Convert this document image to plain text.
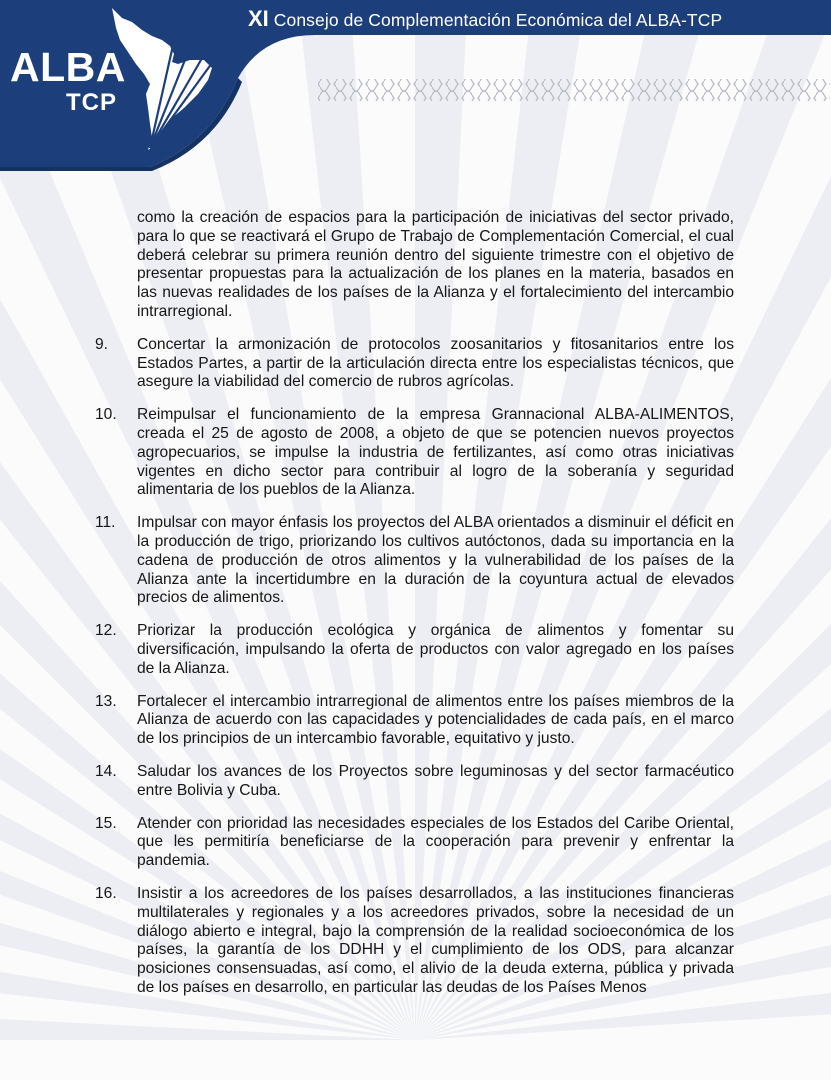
XI Consejo de Complementación Económica del ALBA-TCP
ALBA
TCP

como la creación de espacios para la participación de iniciativas del sector privado, para lo que se reactivará el Grupo de Trabajo de Complementación Comercial, el cual deberá celebrar su primera reunión dentro del siguiente trimestre con el objetivo de presentar propuestas para la actualización de los planes en la materia, basados en las nuevas realidades de los países de la Alianza y el fortalecimiento del intercambio intrarregional.

9. Concertar la armonización de protocolos zoosanitarios y fitosanitarios entre los Estados Partes, a partir de la articulación directa entre los especialistas técnicos, que asegure la viabilidad del comercio de rubros agrícolas.
10. Reimpulsar el funcionamiento de la empresa Grannacional ALBA-ALIMENTOS, creada el 25 de agosto de 2008, a objeto de que se potencien nuevos proyectos agropecuarios, se impulse la industria de fertilizantes, así como otras iniciativas vigentes en dicho sector para contribuir al logro de la soberanía y seguridad alimentaria de los pueblos de la Alianza.
11. Impulsar con mayor énfasis los proyectos del ALBA orientados a disminuir el déficit en la producción de trigo, priorizando los cultivos autóctonos, dada su importancia en la cadena de producción de otros alimentos y la vulnerabilidad de los países de la Alianza ante la incertidumbre en la duración de la coyuntura actual de elevados precios de alimentos.
12. Priorizar la producción ecológica y orgánica de alimentos y fomentar su diversificación, impulsando la oferta de productos con valor agregado en los países de la Alianza.
13. Fortalecer el intercambio intrarregional de alimentos entre los países miembros de la Alianza de acuerdo con las capacidades y potencialidades de cada país, en el marco de los principios de un intercambio favorable, equitativo y justo.
14. Saludar los avances de los Proyectos sobre leguminosas y del sector farmacéutico entre Bolivia y Cuba.
15. Atender con prioridad las necesidades especiales de los Estados del Caribe Oriental, que les permitiría beneficiarse de la cooperación para prevenir y enfrentar la pandemia.
16. Insistir a los acreedores de los países desarrollados, a las instituciones financieras multilaterales y regionales y a los acreedores privados, sobre la necesidad de un diálogo abierto e integral, bajo la comprensión de la realidad socioeconómica de los países, la garantía de los DDHH y el cumplimiento de los ODS, para alcanzar posiciones consensuadas, así como, el alivio de la deuda externa, pública y privada de los países en desarrollo, en particular las deudas de los Países Menos
